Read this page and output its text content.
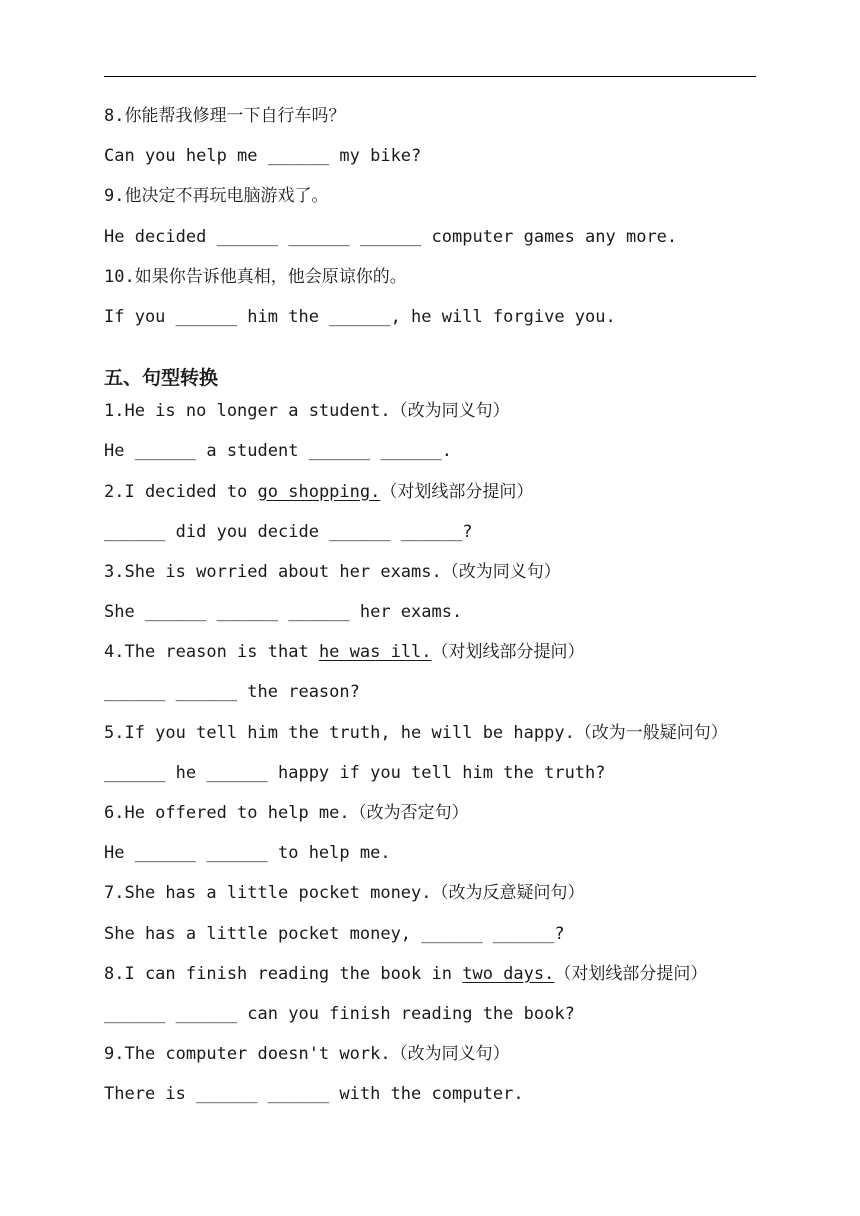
8.你能帮我修理一下自行车吗？
Can you help me ______ my bike?
9.他决定不再玩电脑游戏了。
He decided ______ ______ ______ computer games any more.
10.如果你告诉他真相，他会原谅你的。
If you ______ him the ______, he will forgive you.
五、句型转换
1.He is no longer a student.（改为同义句）
He ______ a student ______ ______.
2.I decided to go shopping.（对划线部分提问）
______ did you decide ______ ______?
3.She is worried about her exams.（改为同义句）
She ______ ______ ______ her exams.
4.The reason is that he was ill.（对划线部分提问）
______ ______ the reason?
5.If you tell him the truth, he will be happy.（改为一般疑问句）
______ he ______ happy if you tell him the truth?
6.He offered to help me.（改为否定句）
He ______ ______ to help me.
7.She has a little pocket money.（改为反意疑问句）
She has a little pocket money, ______ ______?
8.I can finish reading the book in two days.（对划线部分提问）
______ ______ can you finish reading the book?
9.The computer doesn't work.（改为同义句）
There is ______ ______ with the computer.
